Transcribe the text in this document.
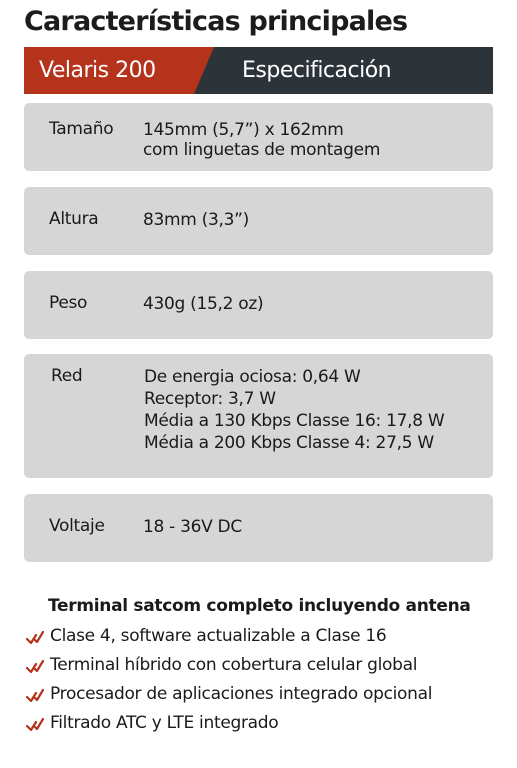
Características principales
Velaris 200	Especificación
Tamaño 145mm (5,7”) x 162mm
com linguetas de montagem
Altura	83mm (3,3”)
Peso	430g (15,2 oz)
Red	De energia ociosa: 0,64 W
Receptor: 3,7 W
Média a 130 Kbps Classe 16: 17,8 W
Média a 200 Kbps Classe 4: 27,5 W
Voltaje 18 - 36V DC
Terminal satcom completo incluyendo antena
Clase 4, software actualizable a Clase 16
Terminal híbrido con cobertura celular global
Procesador de aplicaciones integrado opcional
Filtrado ATC y LTE integrado
